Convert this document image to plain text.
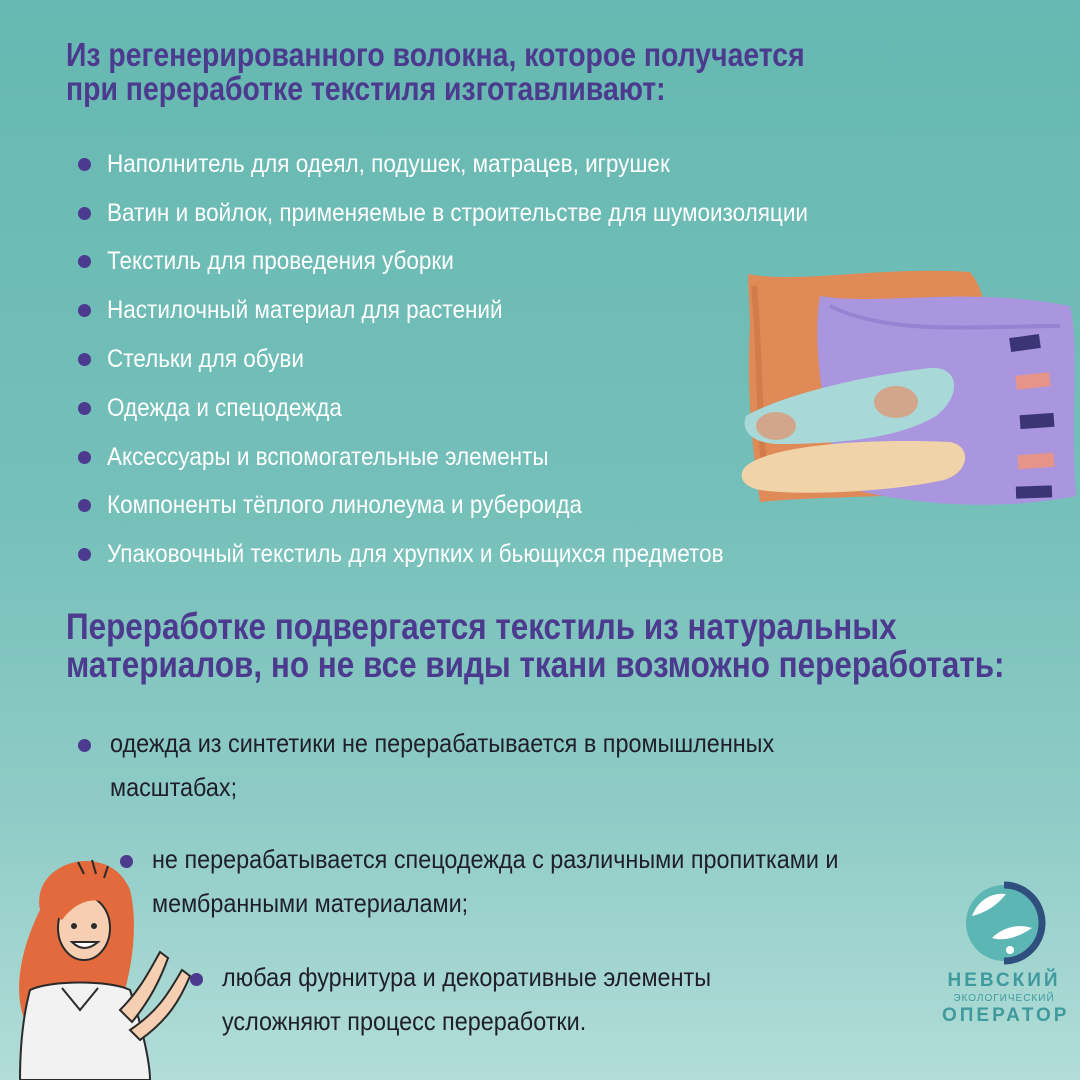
Из регенерированного волокна, которое получается
при переработке текстиля изготавливают:
Наполнитель для одеял, подушек, матрацев, игрушек
Ватин и войлок, применяемые в строительстве для шумоизоляции
Текстиль для проведения уборки
Настилочный материал для растений
Стельки для обуви
Одежда и спецодежда
Аксессуары и вспомогательные элементы
Компоненты тёплого линолеума и рубероида
Упаковочный текстиль для хрупких и бьющихся предметов
Переработке подвергается текстиль из натуральных
материалов, но не все виды ткани возможно переработать:
одежда из синтетики не перерабатывается в промышленных
масштабах;
не перерабатывается спецодежда с различными пропитками и
мембранными материалами;
любая фурнитура и декоративные элементы
усложняют процесс переработки.
НЕВСКИЙ
ЭКОЛОГИЧЕСКИЙ
ОПЕРАТОР
